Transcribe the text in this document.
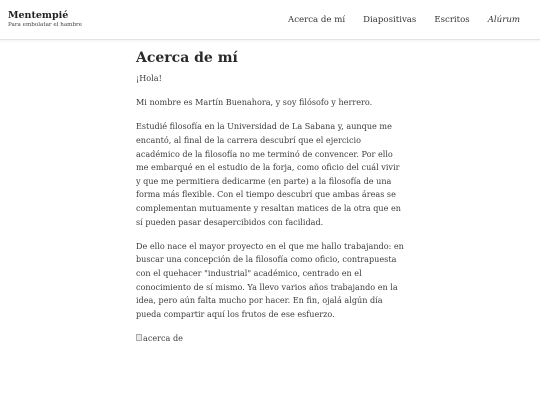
Mentempié
Para embolatar el hambre	Acerca de mí Diapositivas Escritos Alúrum
Acerca de mí

¡Hola!

Mi nombre es Martín Buenahora, y soy filósofo y herrero.

Estudié filosofía en la Universidad de La Sabana y, aunque me encantó, al final de la carrera descubrí que el ejercicio académico de la filosofía no me terminó de convencer. Por ello me embarqué en el estudio de la forja, como oficio del cuál vivir y que me permitiera dedicarme (en parte) a la filosofía de una forma más flexible. Con el tiempo descubrí que ambas áreas se complementan mutuamente y resaltan matices de la otra que en sí pueden pasar desapercibidos con facilidad.

De ello nace el mayor proyecto en el que me hallo trabajando: en buscar una concepción de la filosofía como oficio, contrapuesta con el quehacer "industrial" académico, centrado en el conocimiento de sí mismo. Ya llevo varios años trabajando en la idea, pero aún falta mucho por hacer. En fin, ojalá algún día pueda compartir aquí los frutos de ese esfuerzo.

acerca de
